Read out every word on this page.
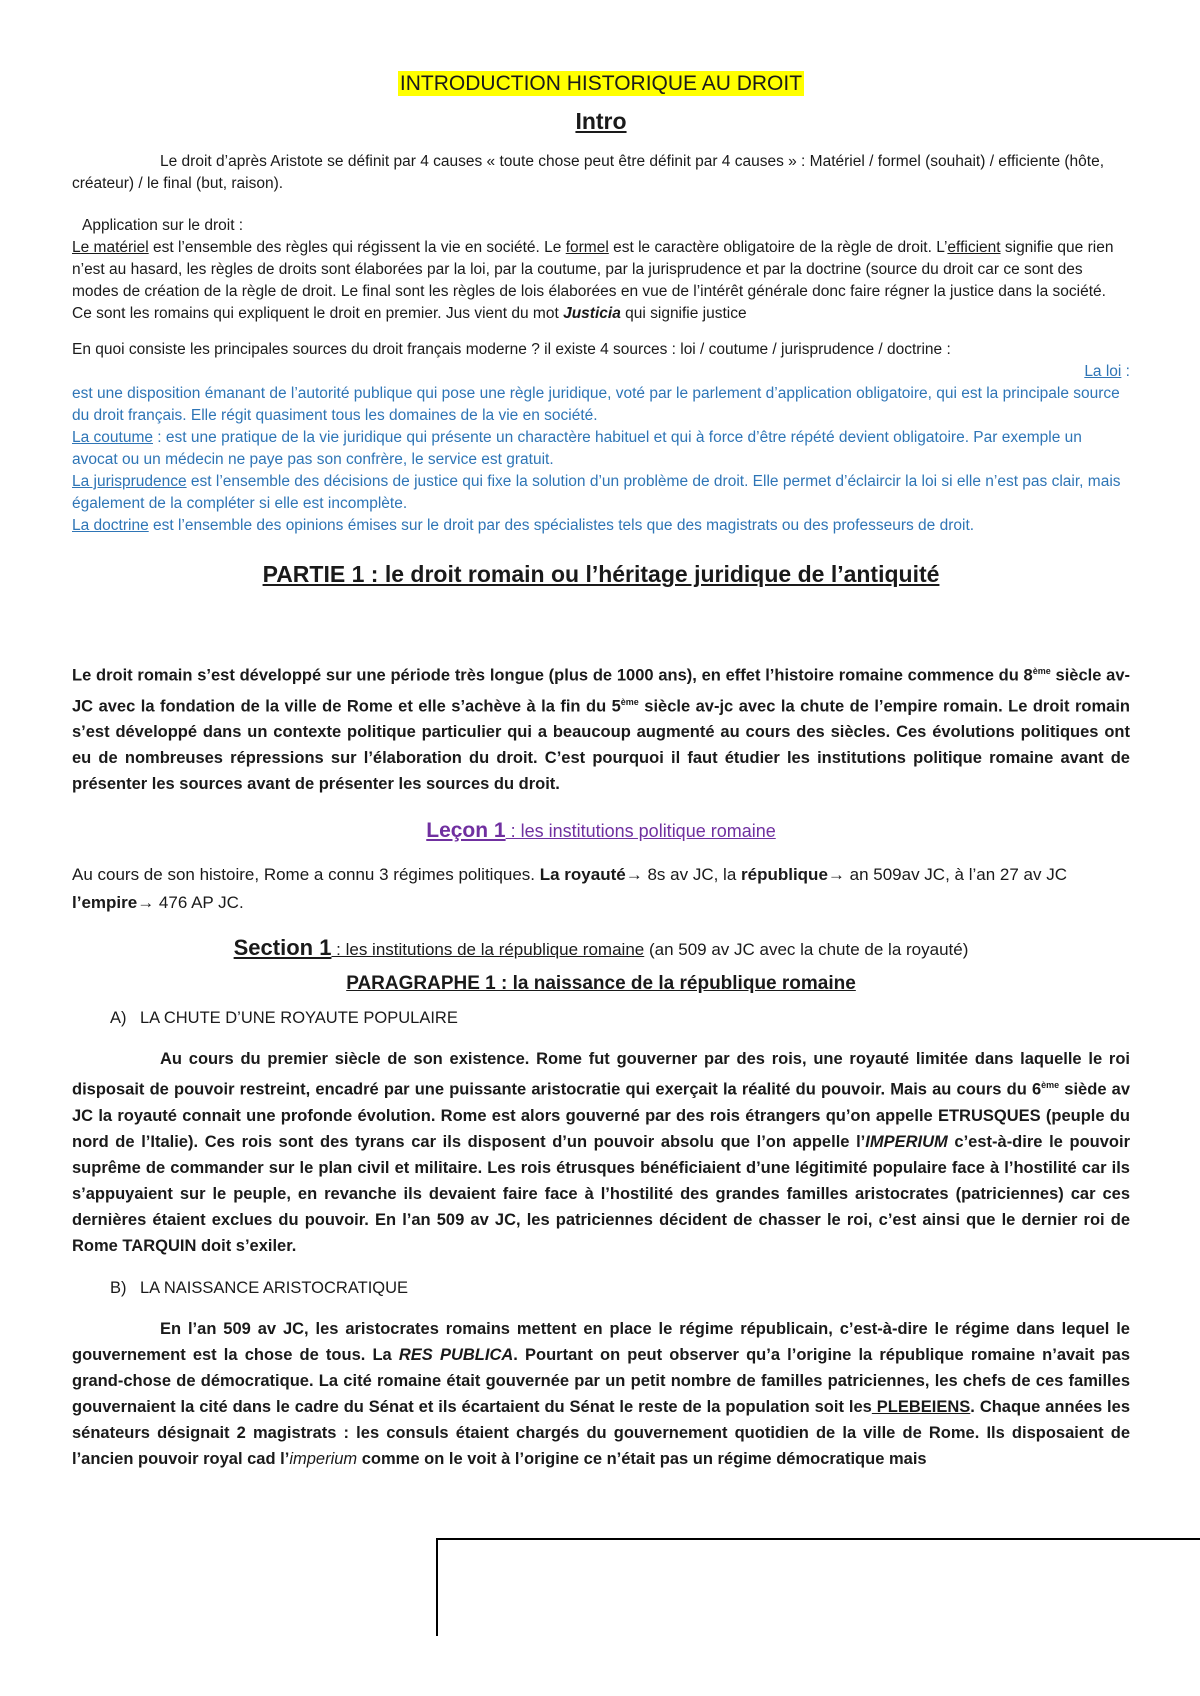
INTRODUCTION HISTORIQUE AU DROIT

Intro

Le droit d’après Aristote se définit par 4 causes « toute chose peut être définit par 4 causes » : Matériel / formel (souhait) / efficiente (hôte, créateur) / le final (but, raison).

Application sur le droit :

Le matériel est l’ensemble des règles qui régissent la vie en société. Le formel est le caractère obligatoire de la règle de droit. L’efficient signifie que rien n’est au hasard, les règles de droits sont élaborées par la loi, par la coutume, par la jurisprudence et par la doctrine (source du droit car ce sont des modes de création de la règle de droit. Le final sont les règles de lois élaborées en vue de l’intérêt générale donc faire régner la justice dans la société. Ce sont les romains qui expliquent le droit en premier. Jus vient du mot Justicia qui signifie justice

En quoi consiste les principales sources du droit français moderne ? il existe 4 sources : loi / coutume / jurisprudence / doctrine :

La loi :

est une disposition émanant de l’autorité publique qui pose une règle juridique, voté par le parlement d’application obligatoire, qui est la principale source du droit français. Elle régit quasiment tous les domaines de la vie en société.

La coutume : est une pratique de la vie juridique qui présente un charactère habituel et qui à force d’être répété devient obligatoire. Par exemple un avocat ou un médecin ne paye pas son confrère, le service est gratuit.

La jurisprudence est l’ensemble des décisions de justice qui fixe la solution d’un problème de droit. Elle permet d’éclaircir la loi si elle n’est pas clair, mais également de la compléter si elle est incomplète.

La doctrine est l’ensemble des opinions émises sur le droit par des spécialistes tels que des magistrats ou des professeurs de droit.

PARTIE 1 : le droit romain ou l’héritage juridique de l’antiquité

Le droit romain s’est développé sur une période très longue (plus de 1000 ans), en effet l’histoire romaine commence du 8ème siècle av-JC avec la fondation de la ville de Rome et elle s’achève à la fin du 5ème siècle av-jc avec la chute de l’empire romain. Le droit romain s’est développé dans un contexte politique particulier qui a beaucoup augmenté au cours des siècles. Ces évolutions politiques ont eu de nombreuses répressions sur l’élaboration du droit. C’est pourquoi il faut étudier les institutions politique romaine avant de présenter les sources avant de présenter les sources du droit.

Leçon 1 : les institutions politique romaine

Au cours de son histoire, Rome a connu 3 régimes politiques. La royauté→ 8s av JC, la république→ an 509av JC, à l’an 27 av JC l’empire→ 476 AP JC.

Section 1 : les institutions de la république romaine (an 509 av JC avec la chute de la royauté)

PARAGRAPHE 1 : la naissance de la république romaine

A) LA CHUTE D’UNE ROYAUTE POPULAIRE

Au cours du premier siècle de son existence. Rome fut gouverner par des rois, une royauté limitée dans laquelle le roi disposait de pouvoir restreint, encadré par une puissante aristocratie qui exerçait la réalité du pouvoir. Mais au cours du 6ème siède av JC la royauté connait une profonde évolution. Rome est alors gouverné par des rois étrangers qu’on appelle ETRUSQUES (peuple du nord de l’Italie). Ces rois sont des tyrans car ils disposent d’un pouvoir absolu que l’on appelle l’IMPERIUM c’est-à-dire le pouvoir suprême de commander sur le plan civil et militaire. Les rois étrusques bénéficiaient d’une légitimité populaire face à l’hostilité car ils s’appuyaient sur le peuple, en revanche ils devaient faire face à l’hostilité des grandes familles aristocrates (patriciennes) car ces dernières étaient exclues du pouvoir. En l’an 509 av JC, les patriciennes décident de chasser le roi, c’est ainsi que le dernier roi de Rome TARQUIN doit s’exiler.

B) LA NAISSANCE ARISTOCRATIQUE

En l’an 509 av JC, les aristocrates romains mettent en place le régime républicain, c’est-à-dire le régime dans lequel le gouvernement est la chose de tous. La RES PUBLICA. Pourtant on peut observer qu’a l’origine la république romaine n’avait pas grand-chose de démocratique. La cité romaine était gouvernée par un petit nombre de familles patriciennes, les chefs de ces familles gouvernaient la cité dans le cadre du Sénat et ils écartaient du Sénat le reste de la population soit les PLEBEIENS. Chaque années les sénateurs désignait 2 magistrats : les consuls étaient chargés du gouvernement quotidien de la ville de Rome. Ils disposaient de l’ancien pouvoir royal cad l’imperium comme on le voit à l’origine ce n’était pas un régime démocratique mais
